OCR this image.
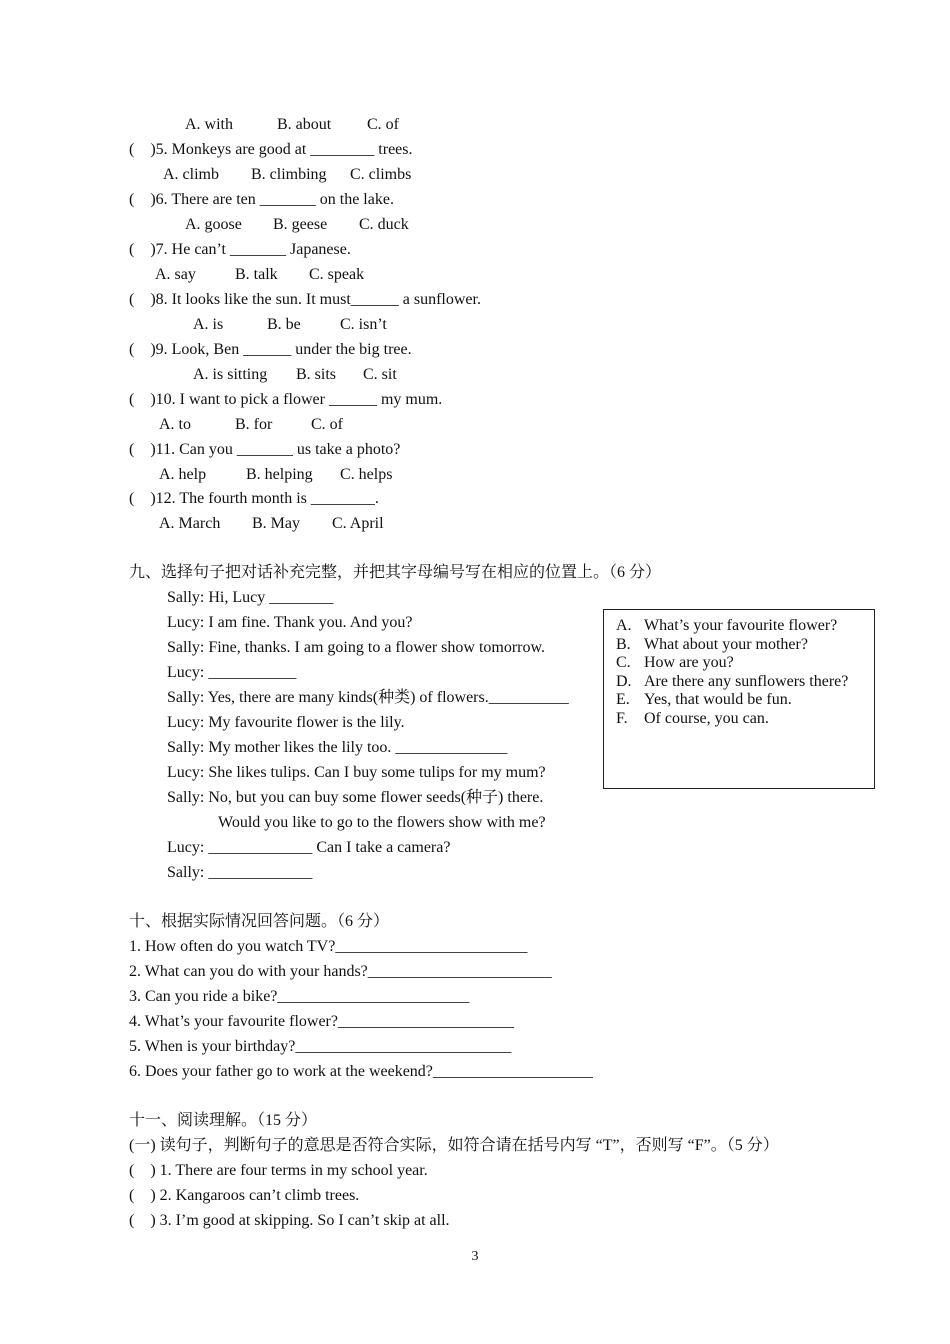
A. with	B. about C. of
(    )5. Monkeys are good at ________ trees.
A. climb B. climbing C. climbs
(    )6. There are ten _______ on the lake.
A. goose B. geese C. duck
(    )7. He can’t _______ Japanese.
A. say B. talk C. speak
(    )8. It looks like the sun. It must______ a sunflower.
A. is	B. be C. isn’t
(    )9. Look, Ben ______ under the big tree.
A. is sitting B. sits C. sit
(    )10. I want to pick a flower ______ my mum.
A. to	B. for C. of
(    )11. Can you _______ us take a photo?
A. help B. helping C. helps
(    )12. The fourth month is ________.
A. March B. May C. April
九、选择句子把对话补充完整，并把其字母编号写在相应的位置上。（6 分）
Sally: Hi, Lucy ________
Lucy: I am fine. Thank you. And you?
Sally: Fine, thanks. I am going to a flower show tomorrow.
Lucy: ___________
Sally: Yes, there are many kinds(种类) of flowers.__________
Lucy: My favourite flower is the lily.
Sally: My mother likes the lily too. ______________
Lucy: She likes tulips. Can I buy some tulips for my mum?
Sally: No, but you can buy some flower seeds(种子) there.
Would you like to go to the flowers show with me?
Lucy: _____________ Can I take a camera?
Sally: _____________
A. What’s your favourite flower?
B. What about your mother?
C. How are you?
D. Are there any sunflowers there?
E. Yes, that would be fun.
F. Of course, you can.
十、根据实际情况回答问题。（6 分）
1. How often do you watch TV?________________________
2. What can you do with your hands?_______________________
3. Can you ride a bike?________________________
4. What’s your favourite flower?______________________
5. When is your birthday?___________________________
6. Does your father go to work at the weekend?____________________
十一、阅读理解。（15 分）
(一) 读句子，判断句子的意思是否符合实际，如符合请在括号内写 “T”，否则写 “F”。（5 分）
(    ) 1. There are four terms in my school year.
(    ) 2. Kangaroos can’t climb trees.
(    ) 3. I’m good at skipping. So I can’t skip at all.
3
